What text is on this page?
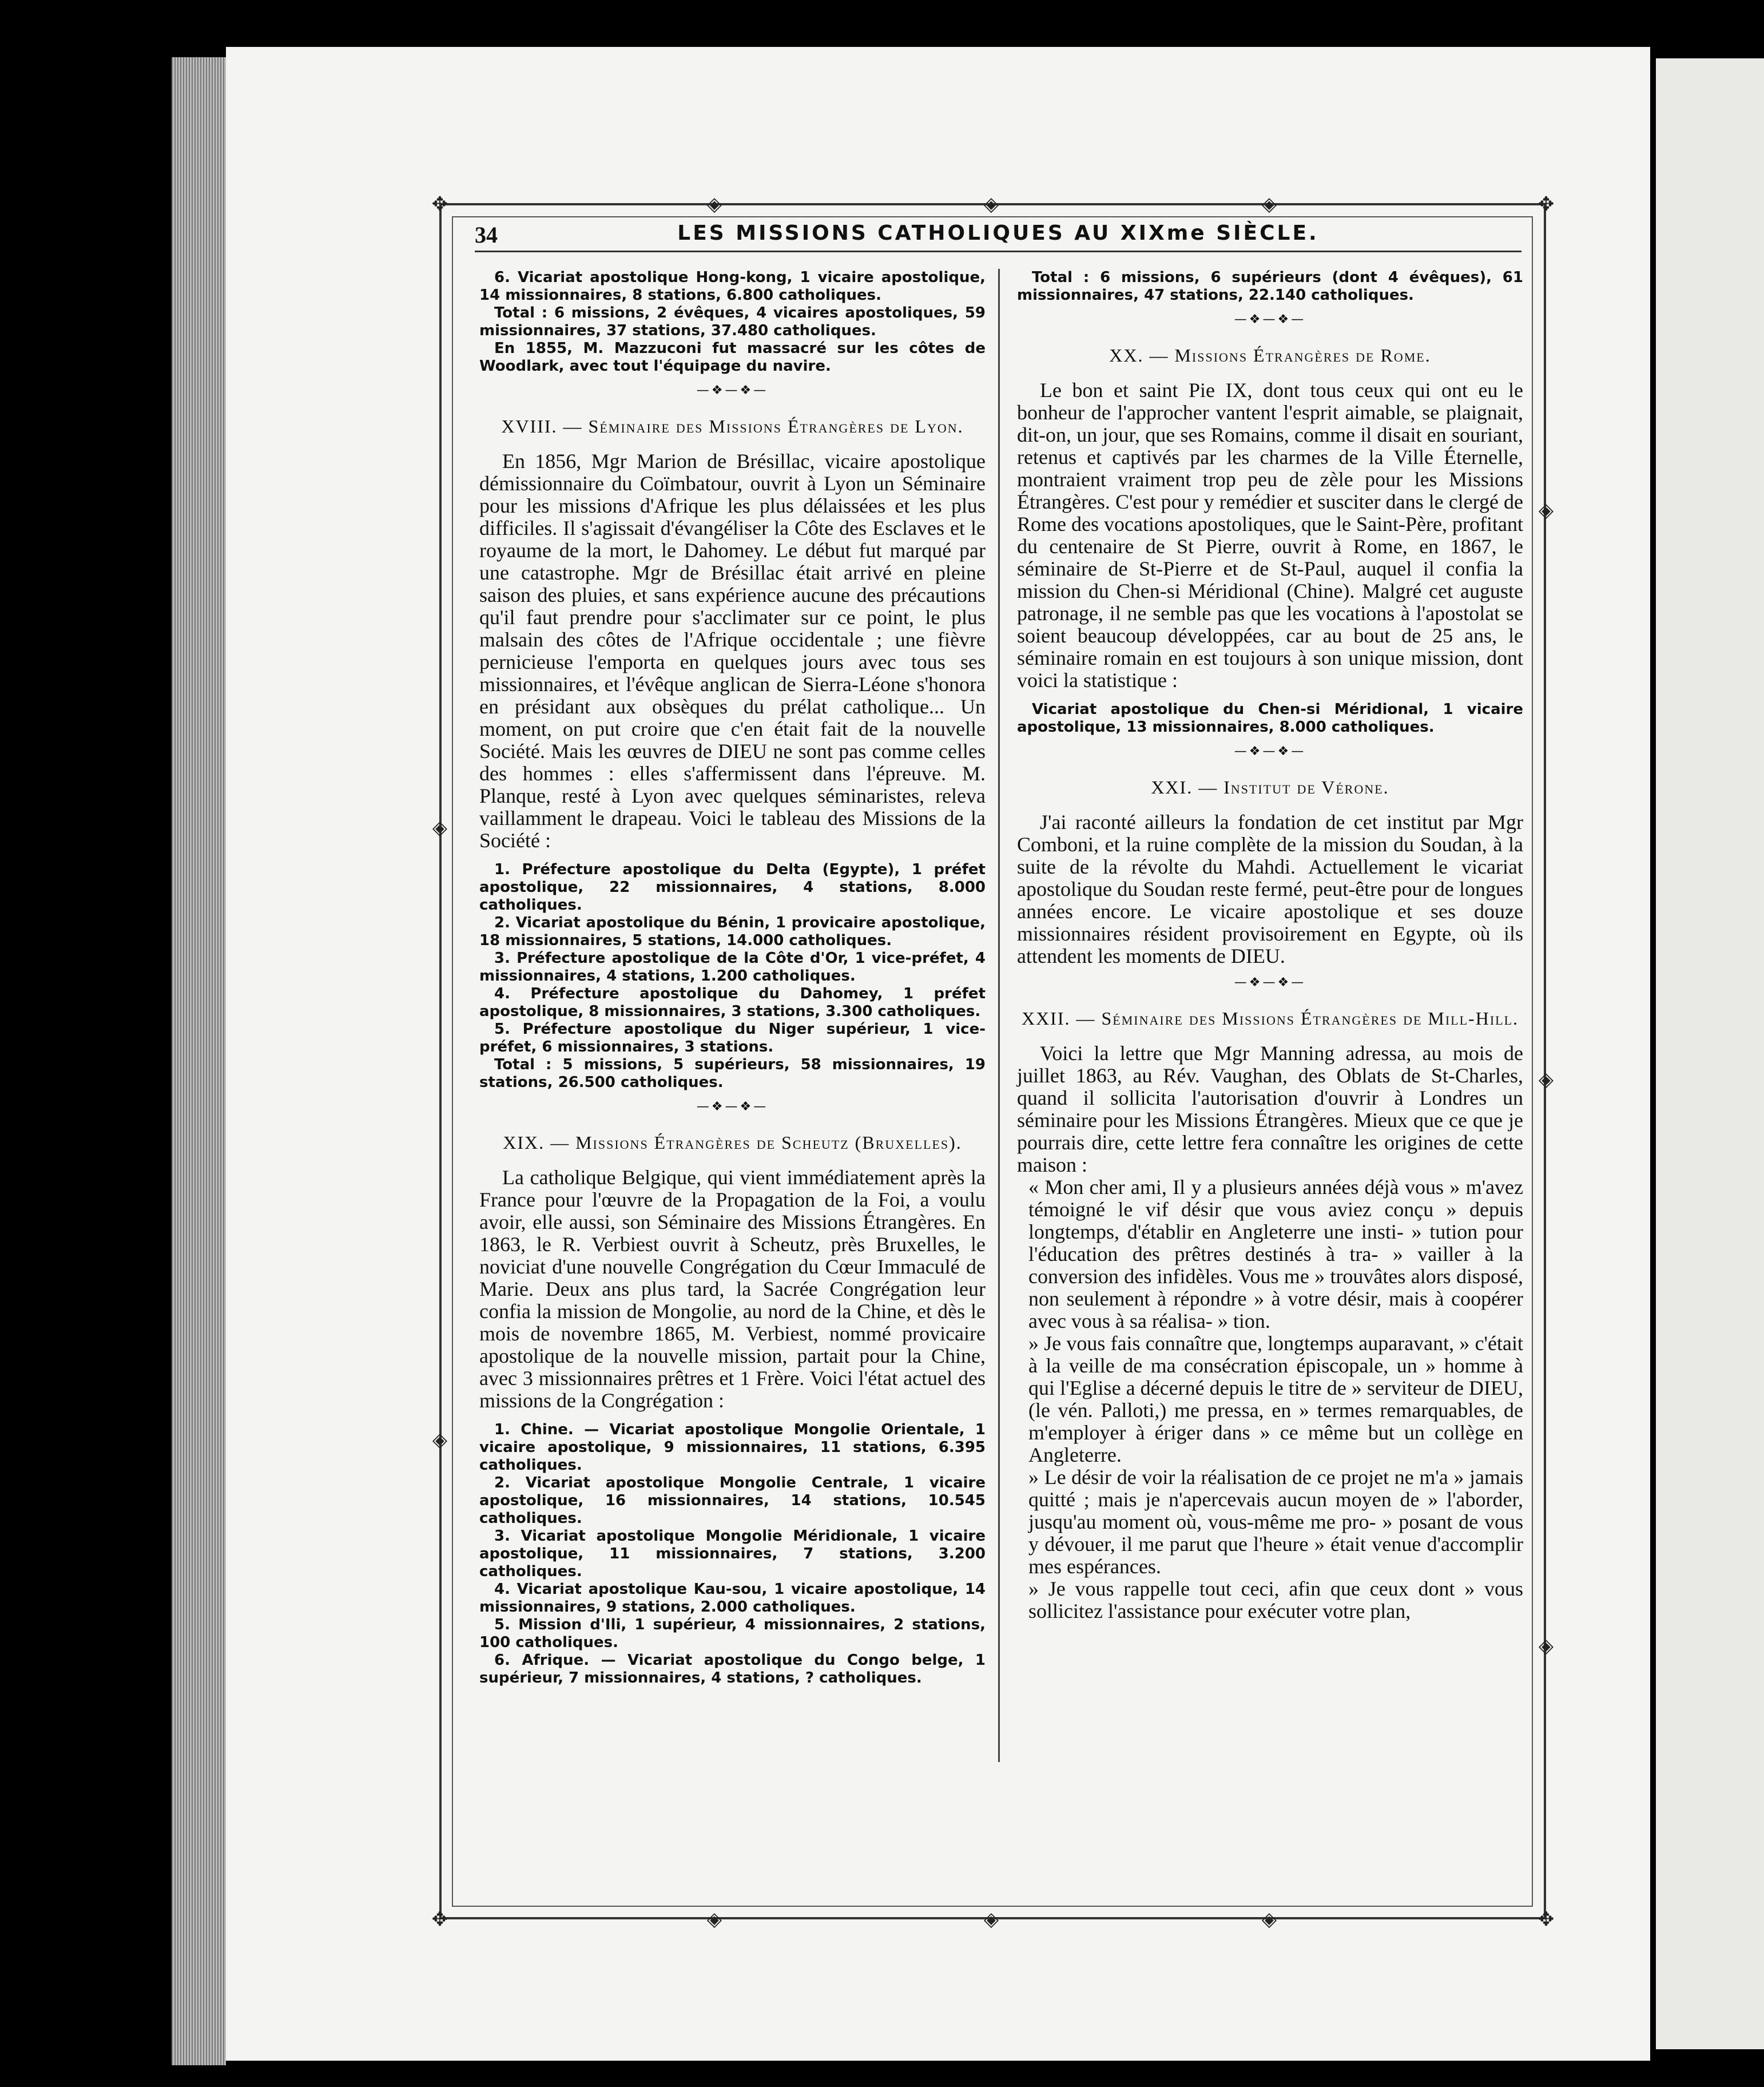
✥	✥
✥	✥
◈	◈	◈
◈	◈	◈
◈
◈
◈
◈
◈
34	LES MISSIONS CATHOLIQUES AU XIXme SIÈCLE.

6. Vicariat apostolique Hong-kong, 1 vicaire apostolique, 14 missionnaires, 8 stations, 6.800 catholiques.

Total : 6 missions, 2 évêques, 4 vicaires apostoliques, 59 missionnaires, 37 stations, 37.480 catholiques.

En 1855, M. Mazzuconi fut massacré sur les côtes de Woodlark, avec tout l'équipage du navire.

—❖—❖—
XVIII. — Séminaire des Missions Étrangères de Lyon.

En 1856, Mgr Marion de Brésillac, vicaire apostolique démissionnaire du Coïmbatour, ouvrit à Lyon un Séminaire pour les missions d'Afrique les plus délaissées et les plus difficiles. Il s'agissait d'évangéliser la Côte des Esclaves et le royaume de la mort, le Dahomey. Le début fut marqué par une catastrophe. Mgr de Brésillac était arrivé en pleine saison des pluies, et sans expérience aucune des précautions qu'il faut prendre pour s'acclimater sur ce point, le plus malsain des côtes de l'Afrique occidentale ; une fièvre pernicieuse l'emporta en quelques jours avec tous ses missionnaires, et l'évêque anglican de Sierra-Léone s'honora en présidant aux obsèques du prélat catholique... Un moment, on put croire que c'en était fait de la nouvelle Société. Mais les œuvres de DIEU ne sont pas comme celles des hommes : elles s'affermissent dans l'épreuve. M. Planque, resté à Lyon avec quelques séminaristes, releva vaillamment le drapeau. Voici le tableau des Missions de la Société :

1. Préfecture apostolique du Delta (Egypte), 1 préfet apostolique, 22 missionnaires, 4 stations, 8.000 catholiques.

2. Vicariat apostolique du Bénin, 1 provicaire apostolique, 18 missionnaires, 5 stations, 14.000 catholiques.

3. Préfecture apostolique de la Côte d'Or, 1 vice-préfet, 4 missionnaires, 4 stations, 1.200 catholiques.

4. Préfecture apostolique du Dahomey, 1 préfet apostolique, 8 missionnaires, 3 stations, 3.300 catholiques.

5. Préfecture apostolique du Niger supérieur, 1 vice-préfet, 6 missionnaires, 3 stations.

Total : 5 missions, 5 supérieurs, 58 missionnaires, 19 stations, 26.500 catholiques.

—❖—❖—
XIX. — Missions Étrangères de Scheutz (Bruxelles).

La catholique Belgique, qui vient immédiatement après la France pour l'œuvre de la Propagation de la Foi, a voulu avoir, elle aussi, son Séminaire des Missions Étrangères. En 1863, le R. Verbiest ouvrit à Scheutz, près Bruxelles, le noviciat d'une nouvelle Congrégation du Cœur Immaculé de Marie. Deux ans plus tard, la Sacrée Congrégation leur confia la mission de Mongolie, au nord de la Chine, et dès le mois de novembre 1865, M. Verbiest, nommé provicaire apostolique de la nouvelle mission, partait pour la Chine, avec 3 missionnaires prêtres et 1 Frère. Voici l'état actuel des missions de la Congrégation :

1. Chine. — Vicariat apostolique Mongolie Orientale, 1 vicaire apostolique, 9 missionnaires, 11 stations, 6.395 catholiques.

2. Vicariat apostolique Mongolie Centrale, 1 vicaire apostolique, 16 missionnaires, 14 stations, 10.545 catholiques.

3. Vicariat apostolique Mongolie Méridionale, 1 vicaire apostolique, 11 missionnaires, 7 stations, 3.200 catholiques.

4. Vicariat apostolique Kau-sou, 1 vicaire apostolique, 14 missionnaires, 9 stations, 2.000 catholiques.

5. Mission d'Ili, 1 supérieur, 4 missionnaires, 2 stations, 100 catholiques.

6. Afrique. — Vicariat apostolique du Congo belge, 1 supérieur, 7 missionnaires, 4 stations, ? catholiques.

Total : 6 missions, 6 supérieurs (dont 4 évêques), 61 missionnaires, 47 stations, 22.140 catholiques.

—❖—❖—
XX. — Missions Étrangères de Rome.

Le bon et saint Pie IX, dont tous ceux qui ont eu le bonheur de l'approcher vantent l'esprit aimable, se plaignait, dit-on, un jour, que ses Romains, comme il disait en souriant, retenus et captivés par les charmes de la Ville Éternelle, montraient vraiment trop peu de zèle pour les Missions Étrangères. C'est pour y remédier et susciter dans le clergé de Rome des vocations apostoliques, que le Saint-Père, profitant du centenaire de St Pierre, ouvrit à Rome, en 1867, le séminaire de St-Pierre et de St-Paul, auquel il confia la mission du Chen-si Méridional (Chine). Malgré cet auguste patronage, il ne semble pas que les vocations à l'apostolat se soient beaucoup développées, car au bout de 25 ans, le séminaire romain en est toujours à son unique mission, dont voici la statistique :

Vicariat apostolique du Chen-si Méridional, 1 vicaire apostolique, 13 missionnaires, 8.000 catholiques.

—❖—❖—
XXI. — Institut de Vérone.

J'ai raconté ailleurs la fondation de cet institut par Mgr Comboni, et la ruine complète de la mission du Soudan, à la suite de la révolte du Mahdi. Actuellement le vicariat apostolique du Soudan reste fermé, peut-être pour de longues années encore. Le vicaire apostolique et ses douze missionnaires résident provisoirement en Egypte, où ils attendent les moments de DIEU.

—❖—❖—
XXII. — Séminaire des Missions Étrangères de Mill-Hill.

Voici la lettre que Mgr Manning adressa, au mois de juillet 1863, au Rév. Vaughan, des Oblats de St-Charles, quand il sollicita l'autorisation d'ouvrir à Londres un séminaire pour les Missions Étrangères. Mieux que ce que je pourrais dire, cette lettre fera connaître les origines de cette maison :

« Mon cher ami, Il y a plusieurs années déjà vous » m'avez témoigné le vif désir que vous aviez conçu » depuis longtemps, d'établir en Angleterre une insti- » tution pour l'éducation des prêtres destinés à tra- » vailler à la conversion des infidèles. Vous me » trouvâtes alors disposé, non seulement à répondre » à votre désir, mais à coopérer avec vous à sa réalisa- » tion.

» Je vous fais connaître que, longtemps auparavant, » c'était à la veille de ma consécration épiscopale, un » homme à qui l'Eglise a décerné depuis le titre de » serviteur de DIEU, (le vén. Palloti,) me pressa, en » termes remarquables, de m'employer à ériger dans » ce même but un collège en Angleterre.

» Le désir de voir la réalisation de ce projet ne m'a » jamais quitté ; mais je n'apercevais aucun moyen de » l'aborder, jusqu'au moment où, vous-même me pro- » posant de vous y dévouer, il me parut que l'heure » était venue d'accomplir mes espérances.

» Je vous rappelle tout ceci, afin que ceux dont » vous sollicitez l'assistance pour exécuter votre plan,
